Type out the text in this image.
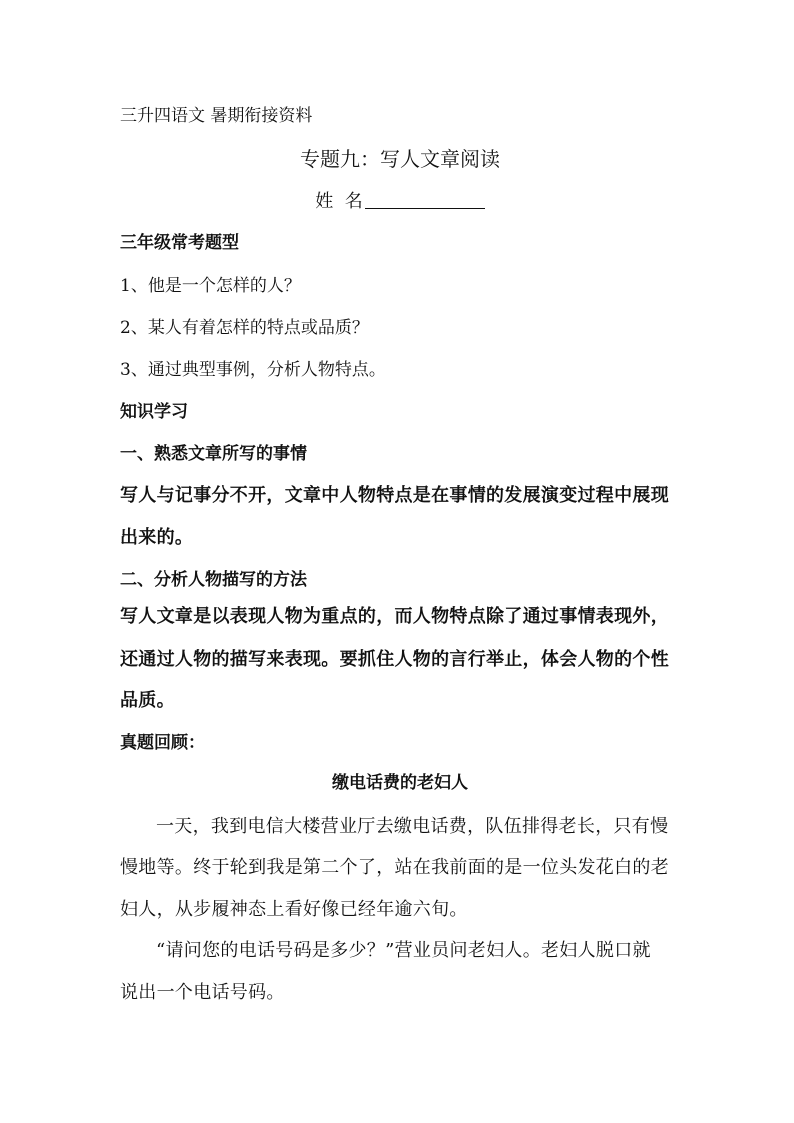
三升四语文 暑期衔接资料
专题九：写人文章阅读
姓  名
三年级常考题型
1、他是一个怎样的人？
2、某人有着怎样的特点或品质？
3、通过典型事例，分析人物特点。
知识学习
一、熟悉文章所写的事情
写人与记事分不开，文章中人物特点是在事情的发展演变过程中展现
出来的。
二、分析人物描写的方法
写人文章是以表现人物为重点的，而人物特点除了通过事情表现外，
还通过人物的描写来表现。要抓住人物的言行举止，体会人物的个性
品质。
真题回顾：
缴电话费的老妇人
一天，我到电信大楼营业厅去缴电话费，队伍排得老长，只有慢
慢地等。终于轮到我是第二个了，站在我前面的是一位头发花白的老
妇人，从步履神态上看好像已经年逾六旬。
“请问您的电话号码是多少？”营业员问老妇人。老妇人脱口就
说出一个电话号码。
